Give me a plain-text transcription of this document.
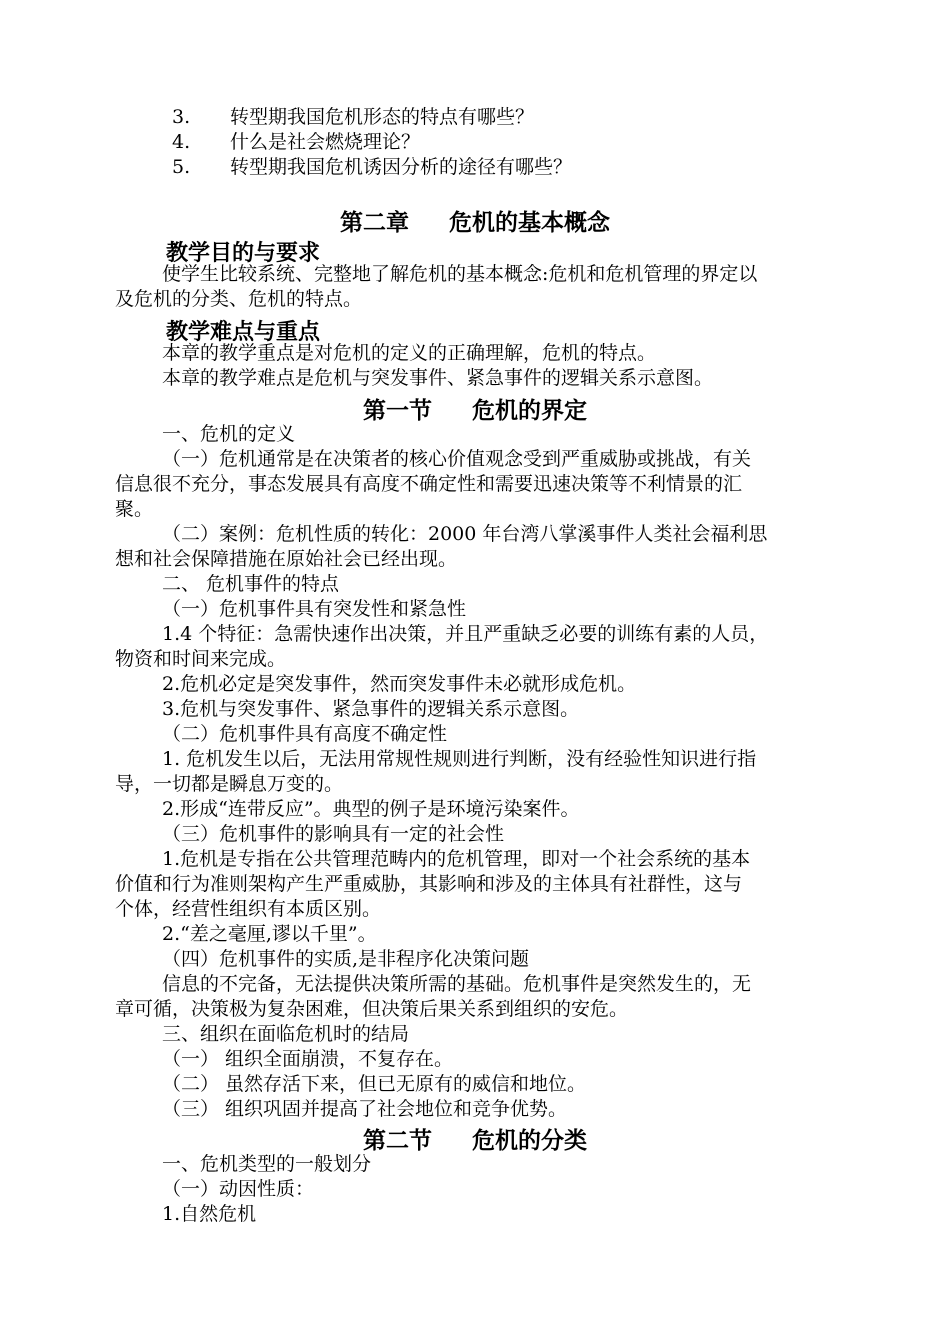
3. 转型期我国危机形态的特点有哪些？
4. 什么是社会燃烧理论？
5. 转型期我国危机诱因分析的途径有哪些？
第二章     危机的基本概念
教学目的与要求
使学生比较系统、完整地了解危机的基本概念:危机和危机管理的界定以
及危机的分类、危机的特点。
教学难点与重点
本章的教学重点是对危机的定义的正确理解，危机的特点。
本章的教学难点是危机与突发事件、紧急事件的逻辑关系示意图。
第一节     危机的界定
一、危机的定义
（一）危机通常是在决策者的核心价值观念受到严重威胁或挑战，有关
信息很不充分，事态发展具有高度不确定性和需要迅速决策等不利情景的汇
聚。
（二）案例：危机性质的转化：2000 年台湾八掌溪事件人类社会福利思
想和社会保障措施在原始社会已经出现。
二、 危机事件的特点
（一）危机事件具有突发性和紧急性
1.4 个特征：急需快速作出决策，并且严重缺乏必要的训练有素的人员，
物资和时间来完成。
2.危机必定是突发事件，然而突发事件未必就形成危机。
3.危机与突发事件、紧急事件的逻辑关系示意图。
（二）危机事件具有高度不确定性
1. 危机发生以后，无法用常规性规则进行判断，没有经验性知识进行指
导，一切都是瞬息万变的。
2.形成“连带反应”。典型的例子是环境污染案件。
（三）危机事件的影响具有一定的社会性
1.危机是专指在公共管理范畴内的危机管理，即对一个社会系统的基本
价值和行为准则架构产生严重威胁，其影响和涉及的主体具有社群性，这与
个体，经营性组织有本质区别。
2.“差之毫厘,谬以千里”。
（四）危机事件的实质,是非程序化决策问题
信息的不完备，无法提供决策所需的基础。危机事件是突然发生的，无
章可循，决策极为复杂困难，但决策后果关系到组织的安危。
三、组织在面临危机时的结局
（一） 组织全面崩溃，不复存在。
（二） 虽然存活下来，但已无原有的威信和地位。
（三） 组织巩固并提高了社会地位和竞争优势。
第二节     危机的分类
一、危机类型的一般划分
（一）动因性质：
1.自然危机
